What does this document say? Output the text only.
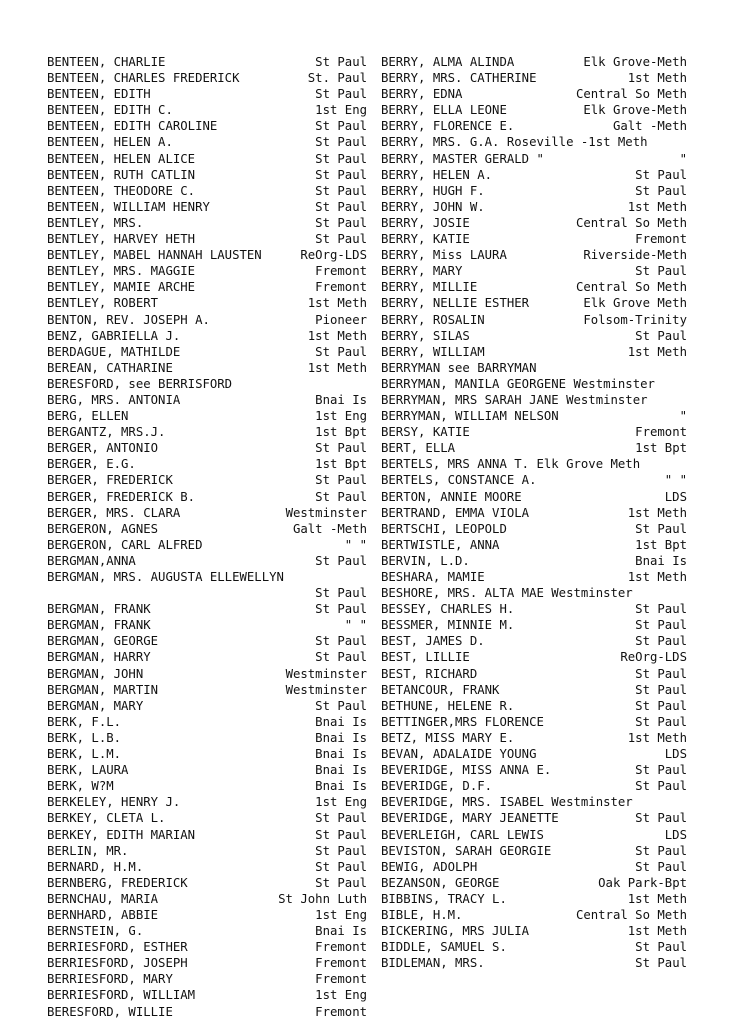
BENTEEN, CHARLIE	St Paul
BENTEEN, CHARLES FREDERICK	St. Paul
BENTEEN, EDITH	St Paul
BENTEEN, EDITH C.	1st Eng
BENTEEN, EDITH CAROLINE	St Paul
BENTEEN, HELEN A.	St Paul
BENTEEN, HELEN ALICE	St Paul
BENTEEN, RUTH CATLIN	St Paul
BENTEEN, THEODORE C.	St Paul
BENTEEN, WILLIAM HENRY	St Paul
BENTLEY, MRS.	St Paul
BENTLEY, HARVEY HETH	St Paul
BENTLEY, MABEL HANNAH LAUSTEN	ReOrg-LDS
BENTLEY, MRS. MAGGIE	Fremont
BENTLEY, MAMIE ARCHE	Fremont
BENTLEY, ROBERT	1st Meth
BENTON, REV. JOSEPH A.	Pioneer
BENZ, GABRIELLA J.	1st Meth
BERDAGUE, MATHILDE	St Paul
BEREAN, CATHARINE	1st Meth
BERESFORD, see BERRISFORD
BERG, MRS. ANTONIA	Bnai Is
BERG, ELLEN	1st Eng
BERGANTZ, MRS.J.	1st Bpt
BERGER, ANTONIO	St Paul
BERGER, E.G.	1st Bpt
BERGER, FREDERICK	St Paul
BERGER, FREDERICK B.	St Paul
BERGER, MRS. CLARA	Westminster
BERGERON, AGNES	Galt -Meth
BERGERON, CARL ALFRED	" "
BERGMAN,ANNA	St Paul
BERGMAN, MRS. AUGUSTA ELLEWELLYN
St Paul
BERGMAN, FRANK	St Paul
BERGMAN, FRANK	" "
BERGMAN, GEORGE	St Paul
BERGMAN, HARRY	St Paul
BERGMAN, JOHN	Westminster
BERGMAN, MARTIN	Westminster
BERGMAN, MARY	St Paul
BERK, F.L.	Bnai Is
BERK, L.B.	Bnai Is
BERK, L.M.	Bnai Is
BERK, LAURA	Bnai Is
BERK, W?M	Bnai Is
BERKELEY, HENRY J.	1st Eng
BERKEY, CLETA L.	St Paul
BERKEY, EDITH MARIAN	St Paul
BERLIN, MR.	St Paul
BERNARD, H.M.	St Paul
BERNBERG, FREDERICK	St Paul
BERNCHAU, MARIA	St John Luth
BERNHARD, ABBIE	1st Eng
BERNSTEIN, G.	Bnai Is
BERRIESFORD, ESTHER	Fremont
BERRIESFORD, JOSEPH	Fremont
BERRIESFORD, MARY	Fremont
BERRIESFORD, WILLIAM	1st Eng
BERESFORD, WILLIE	Fremont
BERRY, ALMA ALINDA	Elk Grove-Meth
BERRY, MRS. CATHERINE	1st Meth
BERRY, EDNA	Central So Meth
BERRY, ELLA LEONE	Elk Grove-Meth
BERRY, FLORENCE E.	Galt -Meth
BERRY, MRS. G.A. Roseville -1st Meth
BERRY, MASTER GERALD "	"
BERRY, HELEN A.	St Paul
BERRY, HUGH F.	St Paul
BERRY, JOHN W.	1st Meth
BERRY, JOSIE	Central So Meth
BERRY, KATIE	Fremont
BERRY, Miss LAURA	Riverside-Meth
BERRY, MARY	St Paul
BERRY, MILLIE	Central So Meth
BERRY, NELLIE ESTHER	Elk Grove Meth
BERRY, ROSALIN	Folsom-Trinity
BERRY, SILAS	St Paul
BERRY, WILLIAM	1st Meth
BERRYMAN see BARRYMAN
BERRYMAN, MANILA GEORGENE Westminster
BERRYMAN, MRS SARAH JANE Westminster
BERRYMAN, WILLIAM NELSON	"
BERSY, KATIE	Fremont
BERT, ELLA	1st Bpt
BERTELS, MRS ANNA T. Elk Grove Meth
BERTELS, CONSTANCE A.	" "
BERTON, ANNIE MOORE	LDS
BERTRAND, EMMA VIOLA	1st Meth
BERTSCHI, LEOPOLD	St Paul
BERTWISTLE, ANNA	1st Bpt
BERVIN, L.D.	Bnai Is
BESHARA, MAMIE	1st Meth
BESHORE, MRS. ALTA MAE Westminster
BESSEY, CHARLES H.	St Paul
BESSMER, MINNIE M.	St Paul
BEST, JAMES D.	St Paul
BEST, LILLIE	ReOrg-LDS
BEST, RICHARD	St Paul
BETANCOUR, FRANK	St Paul
BETHUNE, HELENE R.	St Paul
BETTINGER,MRS FLORENCE	St Paul
BETZ, MISS MARY E.	1st Meth
BEVAN, ADALAIDE YOUNG	LDS
BEVERIDGE, MISS ANNA E.	St Paul
BEVERIDGE, D.F.	St Paul
BEVERIDGE, MRS. ISABEL Westminster
BEVERIDGE, MARY JEANETTE	St Paul
BEVERLEIGH, CARL LEWIS	LDS
BEVISTON, SARAH GEORGIE	St Paul
BEWIG, ADOLPH	St Paul
BEZANSON, GEORGE	Oak Park-Bpt
BIBBINS, TRACY L.	1st Meth
BIBLE, H.M.	Central So Meth
BICKERING, MRS JULIA	1st Meth
BIDDLE, SAMUEL S.	St Paul
BIDLEMAN, MRS.	St Paul
